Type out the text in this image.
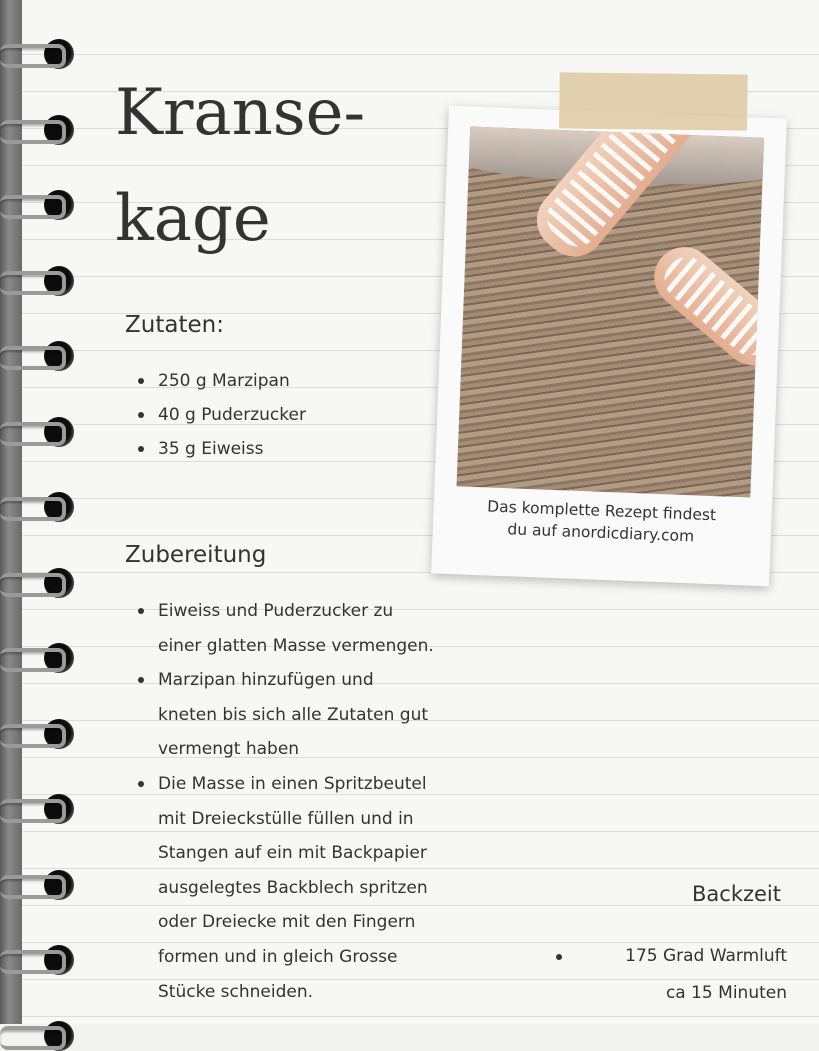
Kranse-
kage
Zutaten:
250 g Marzipan
40 g Puderzucker
35 g Eiweiss
Zubereitung
Eiweiss und Puderzucker zu
einer glatten Masse vermengen.
Marzipan hinzufügen und
kneten bis sich alle Zutaten gut
vermengt haben
Die Masse in einen Spritzbeutel
mit Dreieckstülle füllen und in
Stangen auf ein mit Backpapier
ausgelegtes Backblech spritzen
oder Dreiecke mit den Fingern
formen und in gleich Grosse
Stücke schneiden.
Das komplette Rezept findest
du auf anordicdiary.com
Backzeit
175 Grad Warmluft
ca 15 Minuten
